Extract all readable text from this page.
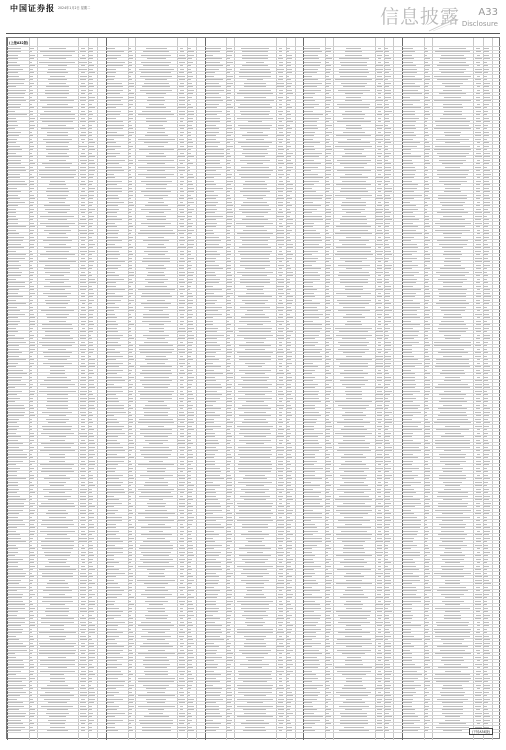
中国证券报 2024年1月2日 星期二	信息披露 A33
Disclosure
(上接A32版)
(下转A34版)
